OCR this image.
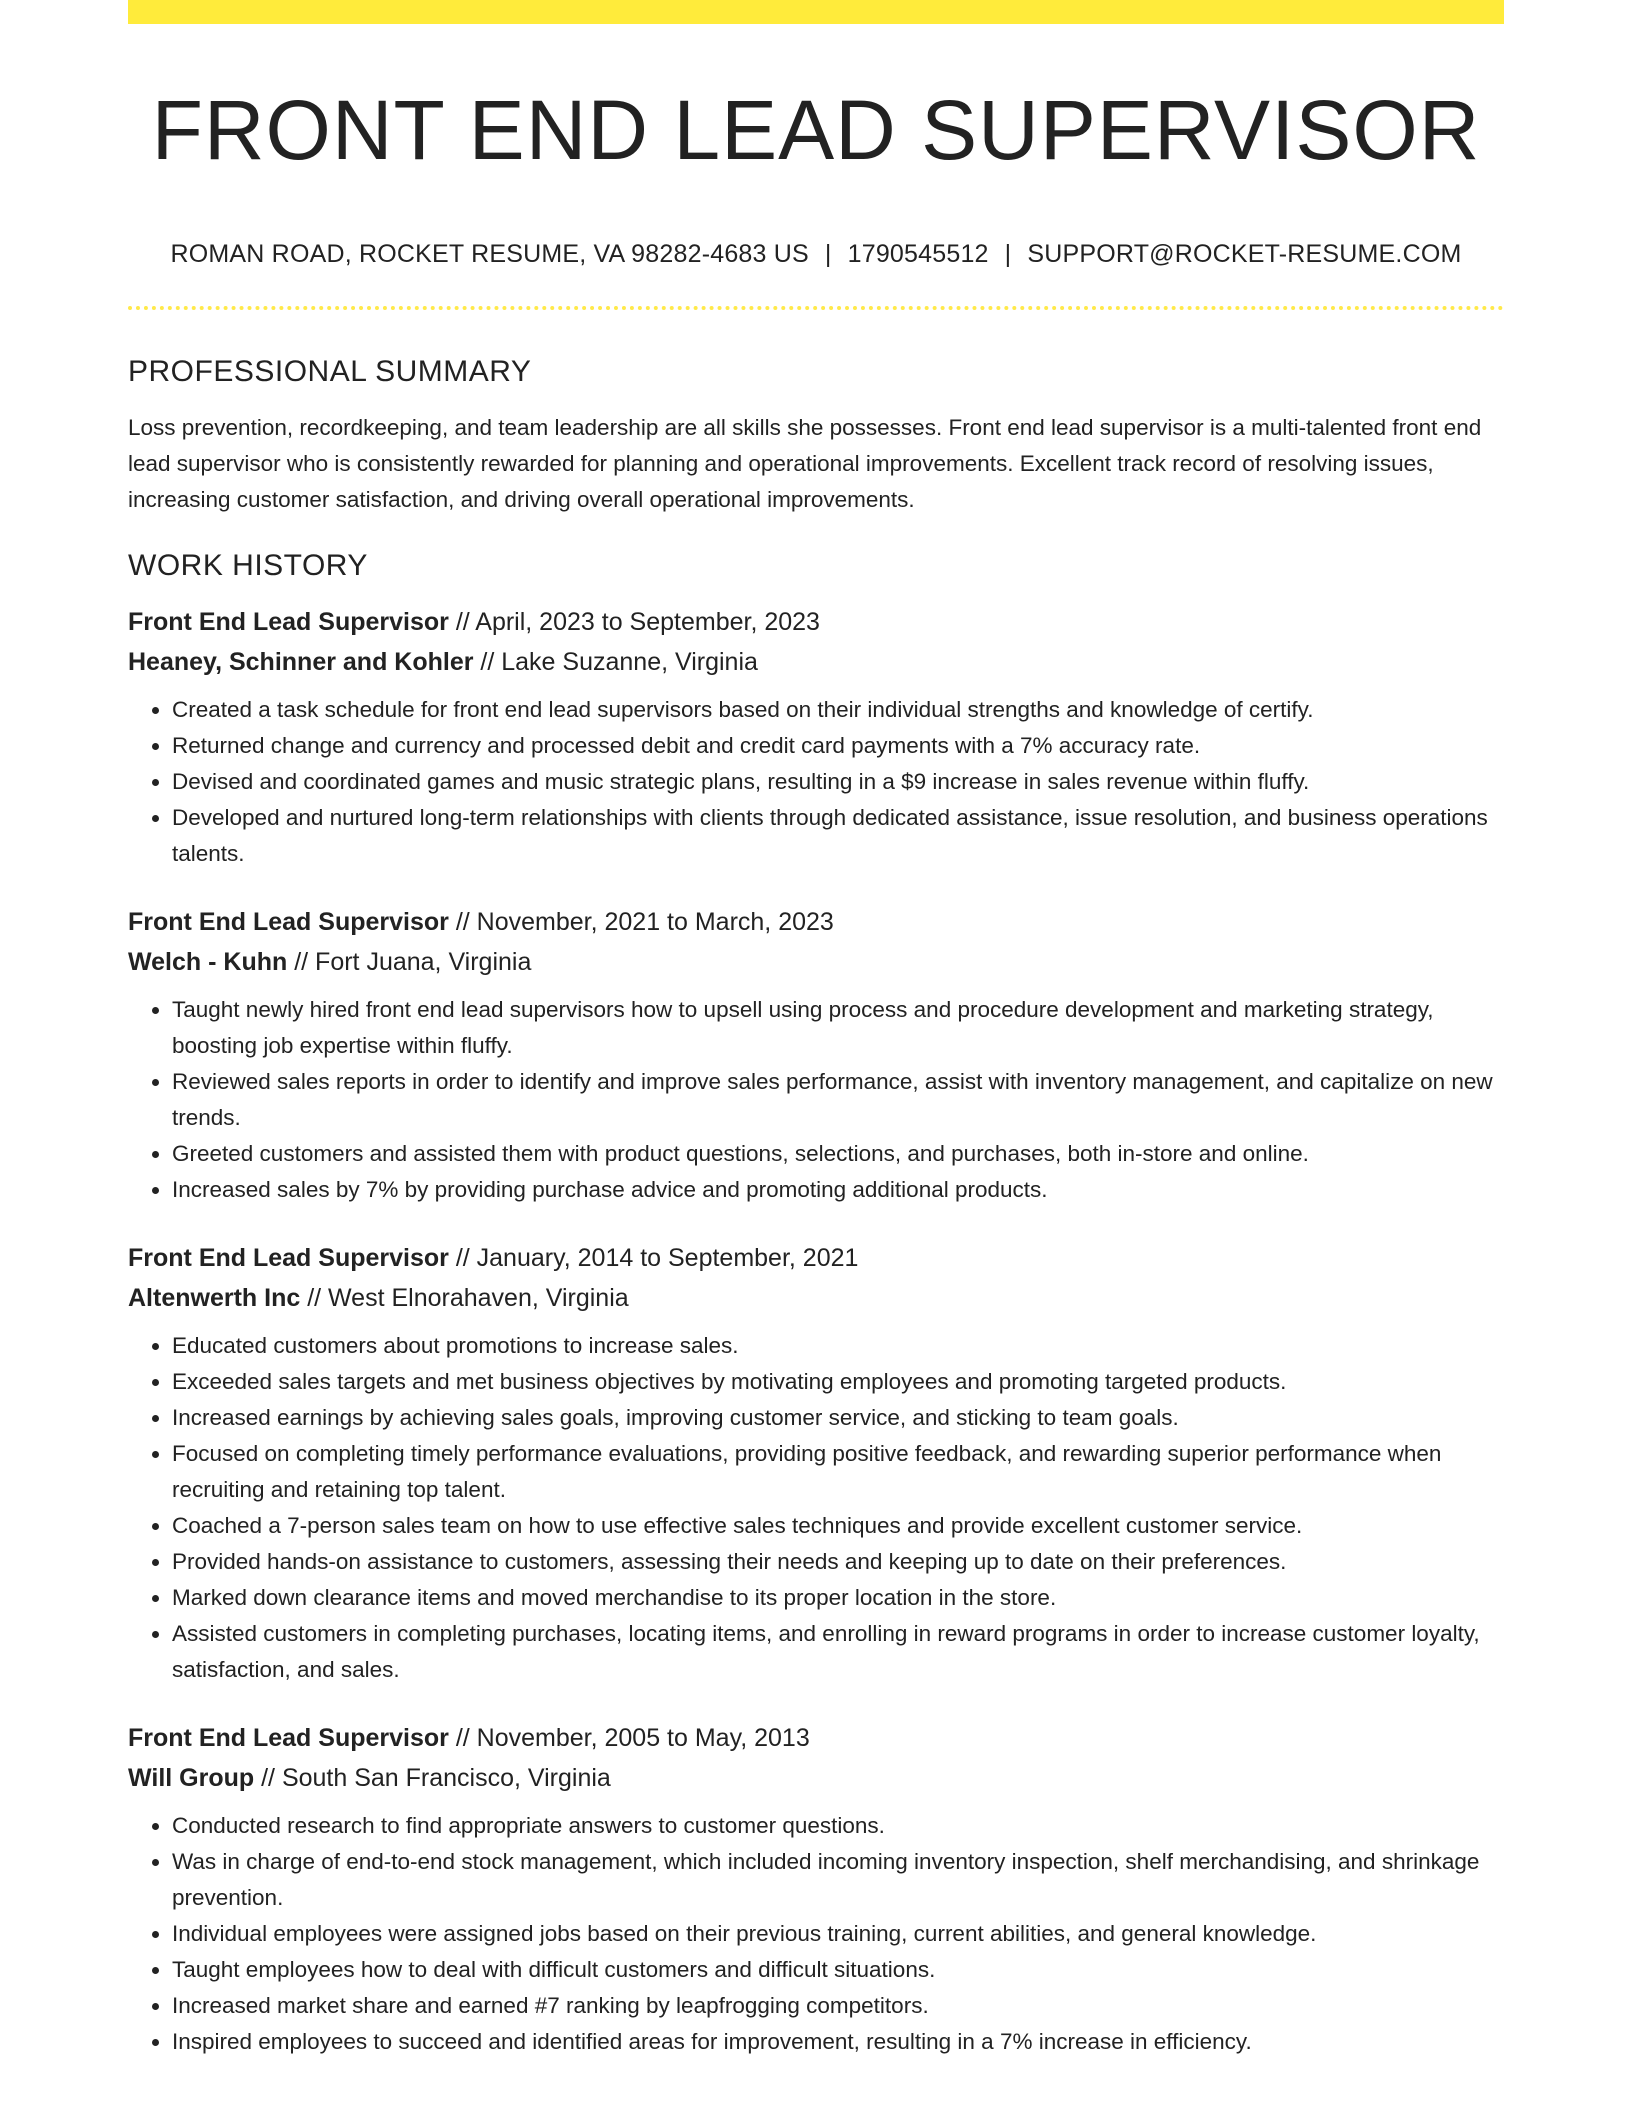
FRONT END LEAD SUPERVISOR
ROMAN ROAD, ROCKET RESUME, VA 98282-4683 US | 1790545512 | SUPPORT@ROCKET-RESUME.COM
PROFESSIONAL SUMMARY

Loss prevention, recordkeeping, and team leadership are all skills she possesses. Front end lead supervisor is a multi-talented front end lead supervisor who is consistently rewarded for planning and operational improvements. Excellent track record of resolving issues, increasing customer satisfaction, and driving overall operational improvements.

WORK HISTORY
Front End Lead Supervisor // April, 2023 to September, 2023
Heaney, Schinner and Kohler // Lake Suzanne, Virginia
• Created a task schedule for front end lead supervisors based on their individual strengths and knowledge of certify.
• Returned change and currency and processed debit and credit card payments with a 7% accuracy rate.
• Devised and coordinated games and music strategic plans, resulting in a $9 increase in sales revenue within fluffy.
• Developed and nurtured long-term relationships with clients through dedicated assistance, issue resolution, and business operations talents.
Front End Lead Supervisor // November, 2021 to March, 2023
Welch - Kuhn // Fort Juana, Virginia
• Taught newly hired front end lead supervisors how to upsell using process and procedure development and marketing strategy, boosting job expertise within fluffy.
• Reviewed sales reports in order to identify and improve sales performance, assist with inventory management, and capitalize on new trends.
• Greeted customers and assisted them with product questions, selections, and purchases, both in-store and online.
• Increased sales by 7% by providing purchase advice and promoting additional products.
Front End Lead Supervisor // January, 2014 to September, 2021
Altenwerth Inc // West Elnorahaven, Virginia
• Educated customers about promotions to increase sales.
• Exceeded sales targets and met business objectives by motivating employees and promoting targeted products.
• Increased earnings by achieving sales goals, improving customer service, and sticking to team goals.
• Focused on completing timely performance evaluations, providing positive feedback, and rewarding superior performance when recruiting and retaining top talent.
• Coached a 7-person sales team on how to use effective sales techniques and provide excellent customer service.
• Provided hands-on assistance to customers, assessing their needs and keeping up to date on their preferences.
• Marked down clearance items and moved merchandise to its proper location in the store.
• Assisted customers in completing purchases, locating items, and enrolling in reward programs in order to increase customer loyalty, satisfaction, and sales.
Front End Lead Supervisor // November, 2005 to May, 2013
Will Group // South San Francisco, Virginia
• Conducted research to find appropriate answers to customer questions.
• Was in charge of end-to-end stock management, which included incoming inventory inspection, shelf merchandising, and shrinkage prevention.
• Individual employees were assigned jobs based on their previous training, current abilities, and general knowledge.
• Taught employees how to deal with difficult customers and difficult situations.
• Increased market share and earned #7 ranking by leapfrogging competitors.
• Inspired employees to succeed and identified areas for improvement, resulting in a 7% increase in efficiency.
